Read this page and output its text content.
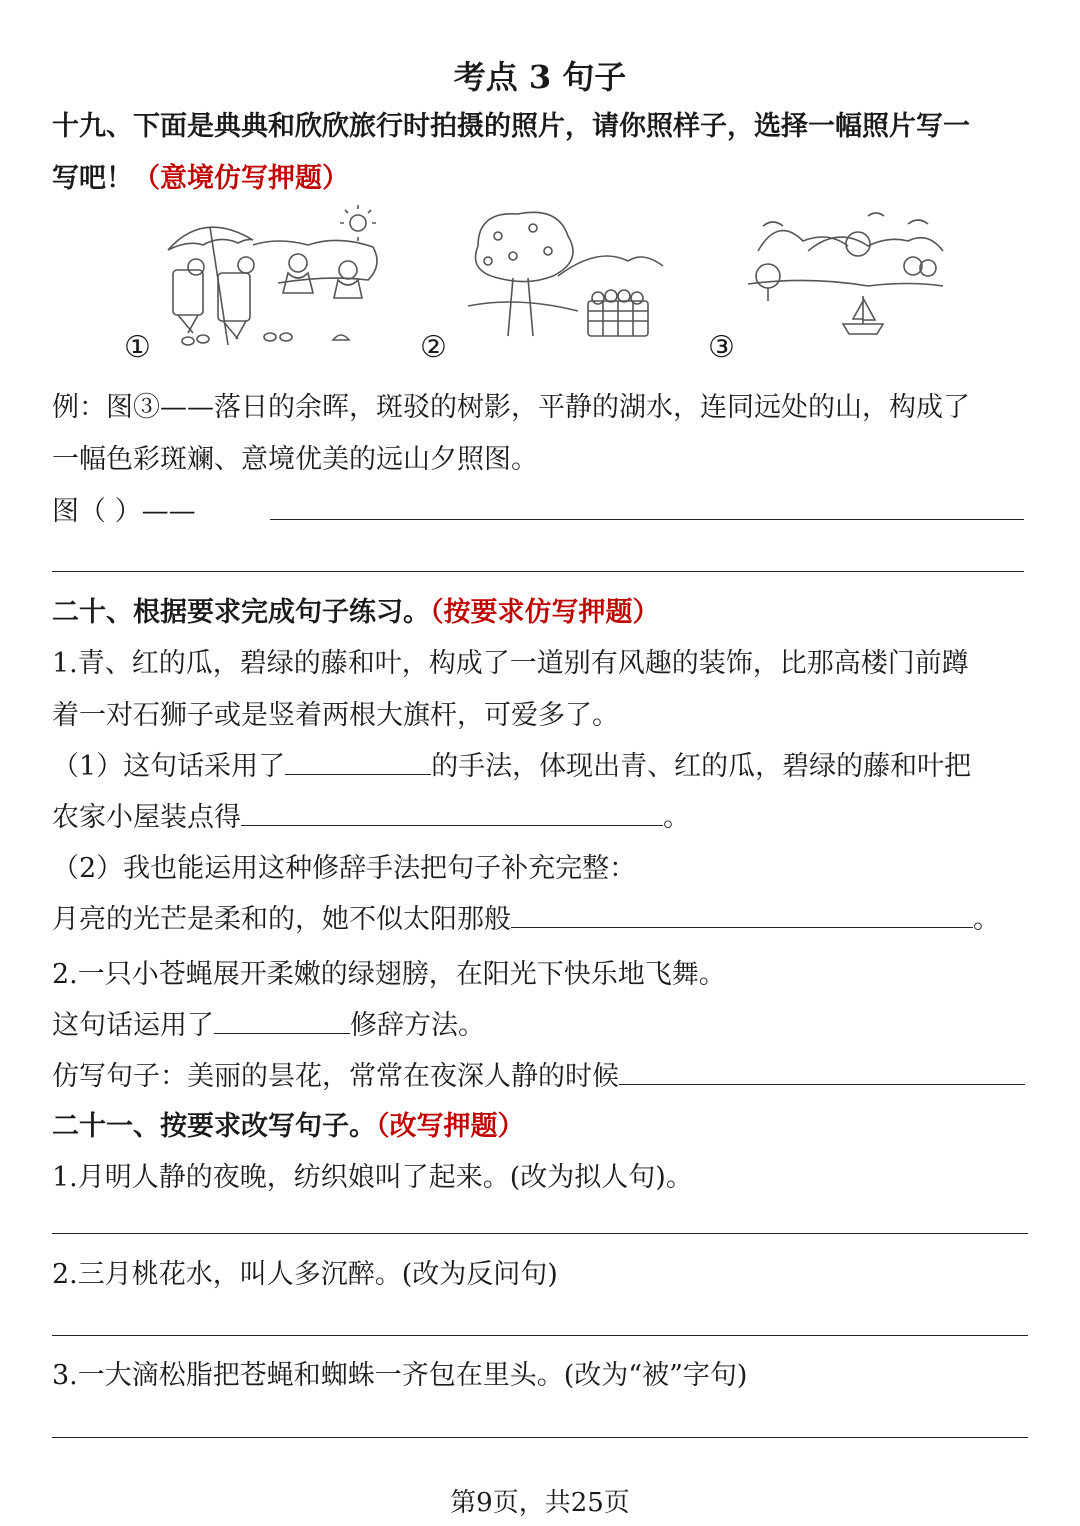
考点 3 句子
十九、下面是典典和欣欣旅行时拍摄的照片，请你照样子，选择一幅照片写一
写吧！（意境仿写押题）
①	②	③
例：图③——落日的余晖，斑驳的树影，平静的湖水，连同远处的山，构成了
一幅色彩斑斓、意境优美的远山夕照图。
图（ ）——
二十、根据要求完成句子练习。（按要求仿写押题）
1.青、红的瓜，碧绿的藤和叶，构成了一道别有风趣的装饰，比那高楼门前蹲
着一对石狮子或是竖着两根大旗杆，可爱多了。
（1）这句话采用了	的手法，体现出青、红的瓜，碧绿的藤和叶把
农家小屋装点得	。
（2）我也能运用这种修辞手法把句子补充完整：
月亮的光芒是柔和的，她不似太阳那般	。
2.一只小苍蝇展开柔嫩的绿翅膀，在阳光下快乐地飞舞。
这句话运用了	修辞方法。
仿写句子：美丽的昙花，常常在夜深人静的时候
二十一、按要求改写句子。（改写押题）
1.月明人静的夜晚，纺织娘叫了起来。(改为拟人句)。
2.三月桃花水，叫人多沉醉。(改为反问句)
3.一大滴松脂把苍蝇和蜘蛛一齐包在里头。(改为“被”字句)
第9页，共25页
